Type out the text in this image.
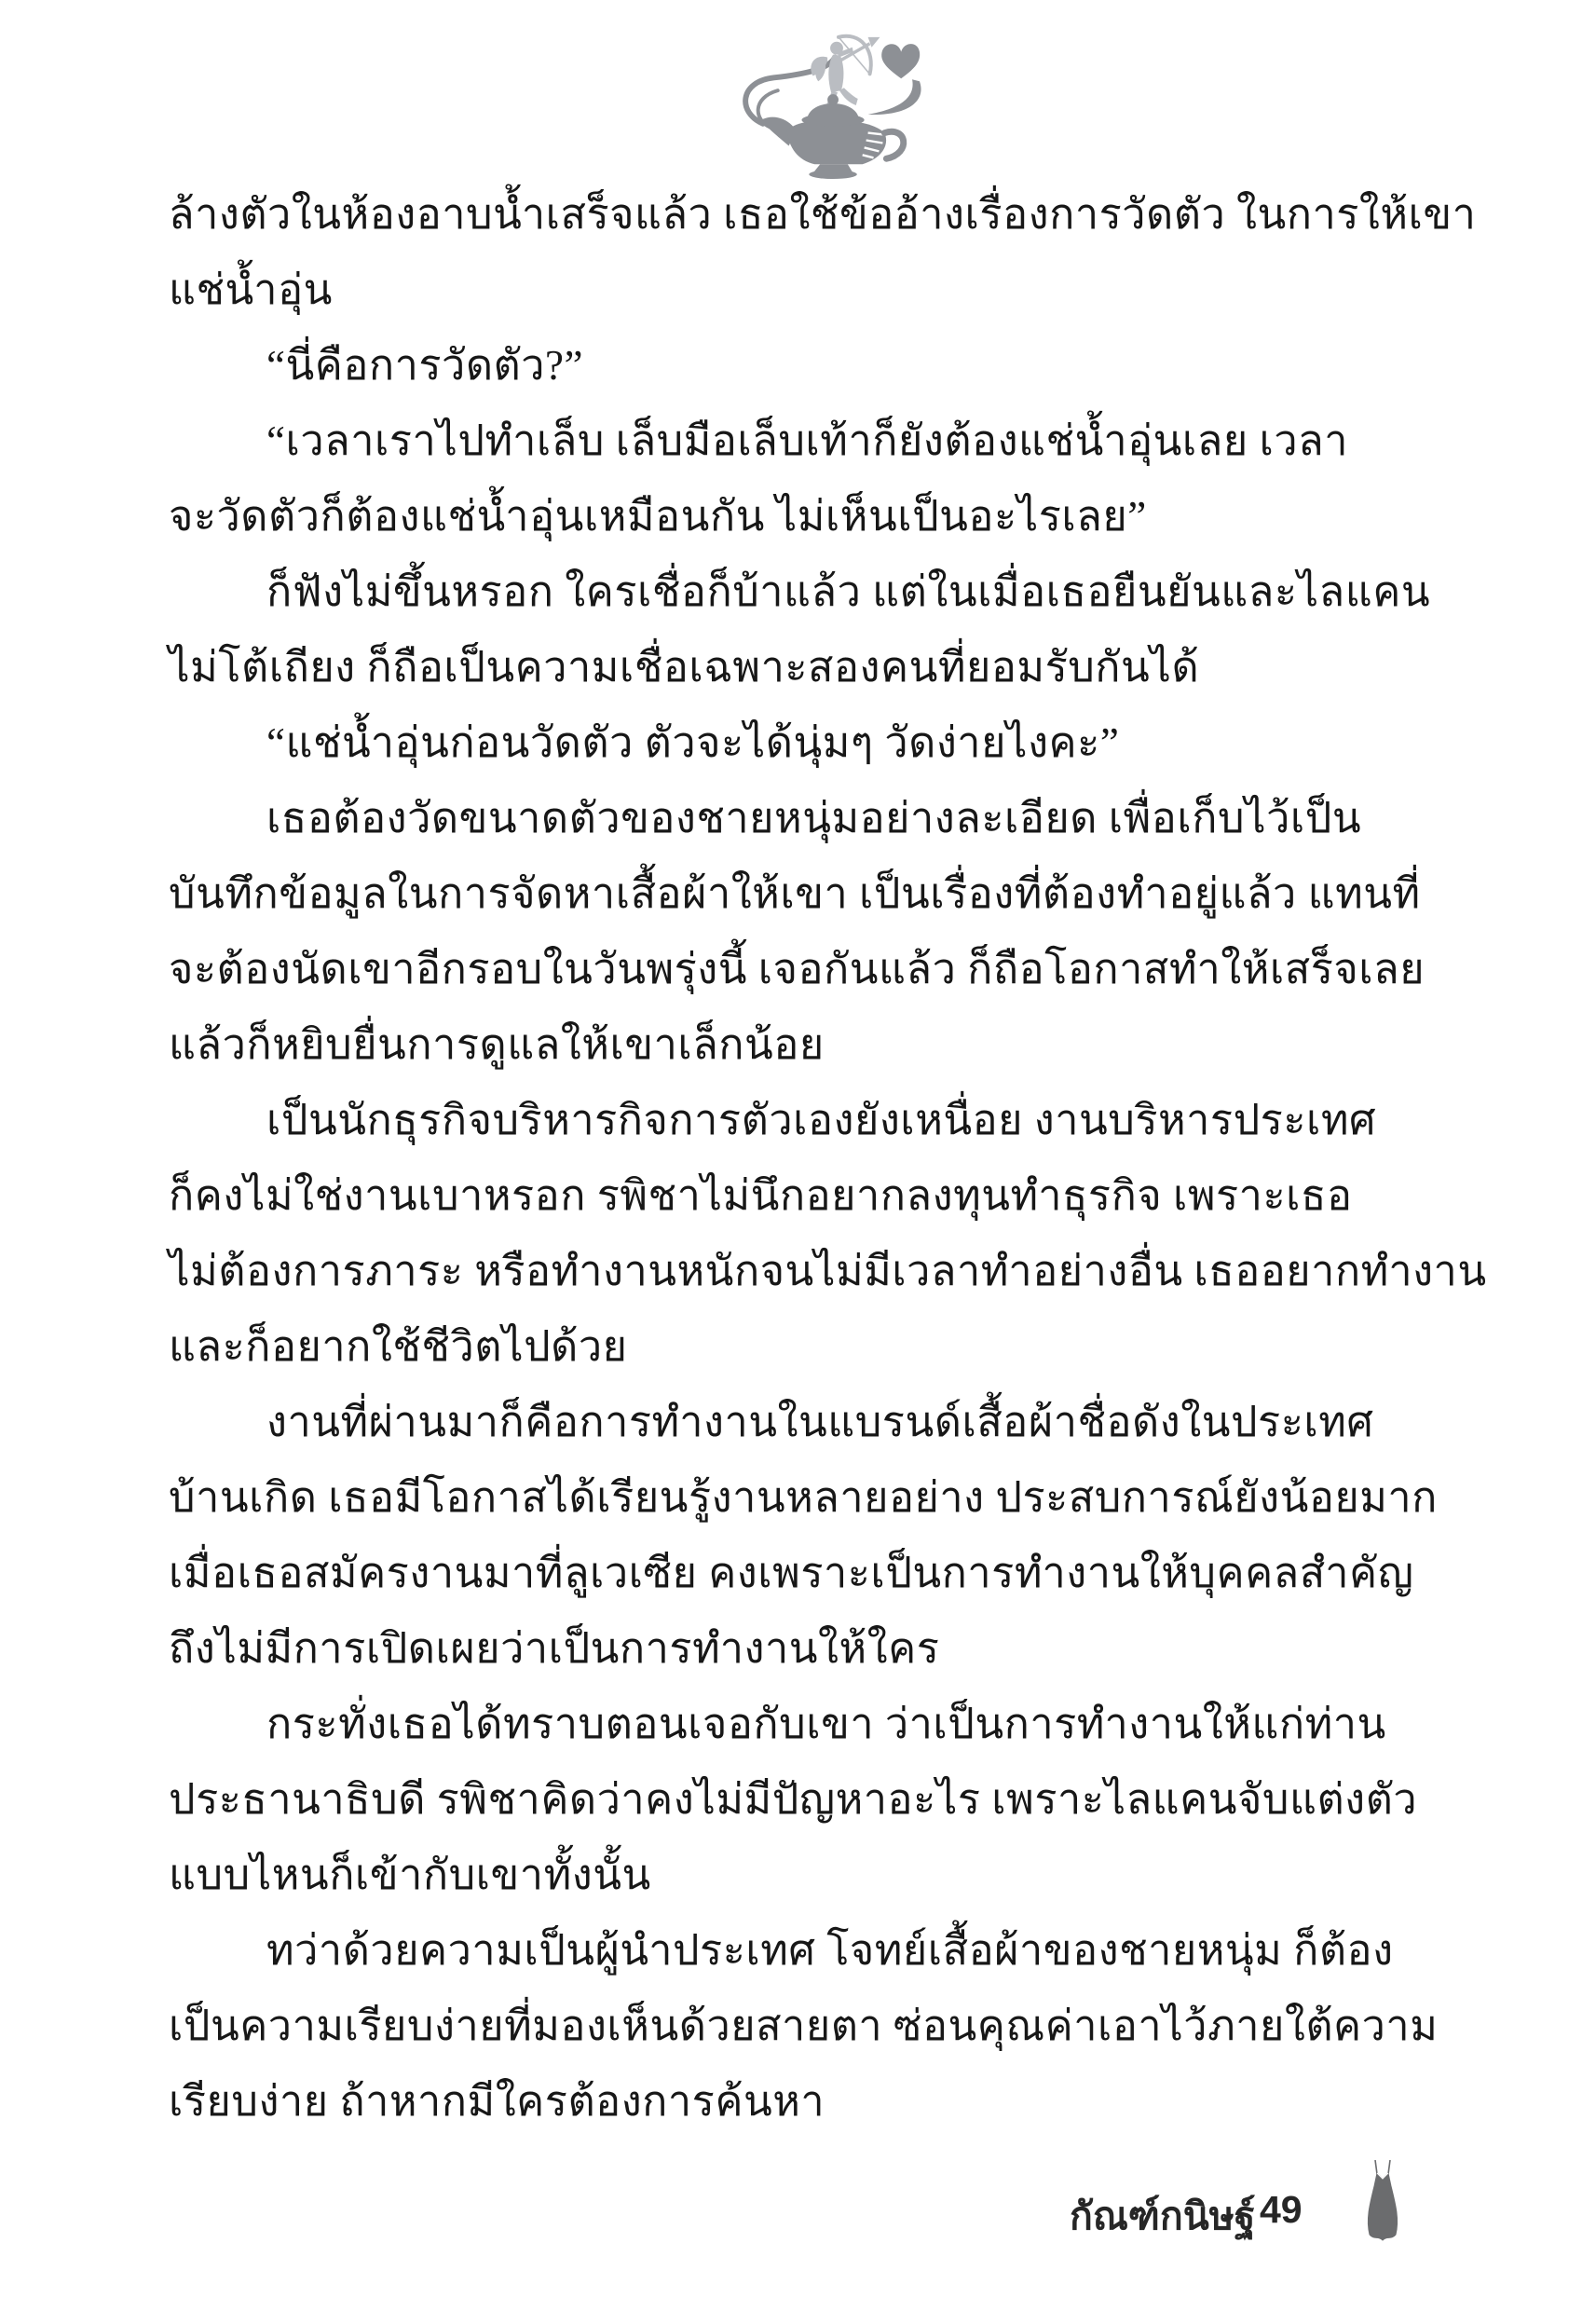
ล้างตัวในห้องอาบน้ำเสร็จแล้ว เธอใช้ข้ออ้างเรื่องการวัดตัว ในการให้เขา

แช่น้ำอุ่น

“นี่คือการวัดตัว?”

“เวลาเราไปทำเล็บ เล็บมือเล็บเท้าก็ยังต้องแช่น้ำอุ่นเลย เวลา

จะวัดตัวก็ต้องแช่น้ำอุ่นเหมือนกัน ไม่เห็นเป็นอะไรเลย”

ก็ฟังไม่ขึ้นหรอก ใครเชื่อก็บ้าแล้ว แต่ในเมื่อเธอยืนยันและไลแคน

ไม่โต้เถียง ก็ถือเป็นความเชื่อเฉพาะสองคนที่ยอมรับกันได้

“แช่น้ำอุ่นก่อนวัดตัว ตัวจะได้นุ่มๆ วัดง่ายไงคะ”

เธอต้องวัดขนาดตัวของชายหนุ่มอย่างละเอียด เพื่อเก็บไว้เป็น

บันทึกข้อมูลในการจัดหาเสื้อผ้าให้เขา เป็นเรื่องที่ต้องทำอยู่แล้ว แทนที่

จะต้องนัดเขาอีกรอบในวันพรุ่งนี้ เจอกันแล้ว ก็ถือโอกาสทำให้เสร็จเลย

แล้วก็หยิบยื่นการดูแลให้เขาเล็กน้อย

เป็นนักธุรกิจบริหารกิจการตัวเองยังเหนื่อย งานบริหารประเทศ

ก็คงไม่ใช่งานเบาหรอก รพิชาไม่นึกอยากลงทุนทำธุรกิจ เพราะเธอ

ไม่ต้องการภาระ หรือทำงานหนักจนไม่มีเวลาทำอย่างอื่น เธออยากทำงาน

และก็อยากใช้ชีวิตไปด้วย

งานที่ผ่านมาก็คือการทำงานในแบรนด์เสื้อผ้าชื่อดังในประเทศ

บ้านเกิด เธอมีโอกาสได้เรียนรู้งานหลายอย่าง ประสบการณ์ยังน้อยมาก

เมื่อเธอสมัครงานมาที่ลูเวเซีย คงเพราะเป็นการทำงานให้บุคคลสำคัญ

ถึงไม่มีการเปิดเผยว่าเป็นการทำงานให้ใคร

กระทั่งเธอได้ทราบตอนเจอกับเขา ว่าเป็นการทำงานให้แก่ท่าน

ประธานาธิบดี รพิชาคิดว่าคงไม่มีปัญหาอะไร เพราะไลแคนจับแต่งตัว

แบบไหนก็เข้ากับเขาทั้งนั้น

ทว่าด้วยความเป็นผู้นำประเทศ โจทย์เสื้อผ้าของชายหนุ่ม ก็ต้อง

เป็นความเรียบง่ายที่มองเห็นด้วยสายตา ซ่อนคุณค่าเอาไว้ภายใต้ความ

เรียบง่าย ถ้าหากมีใครต้องการค้นหา

กัณฑ์กนิษฐ์ 49
